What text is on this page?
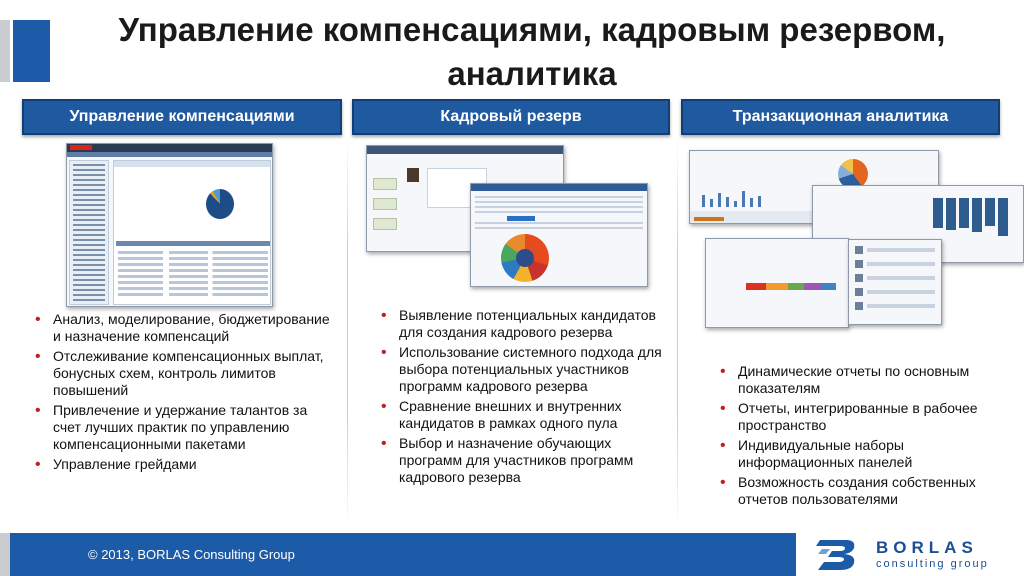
Управление компенсациями, кадровым резервом, аналитика
Управление компенсациями	Кадровый резерв	Транзакционная аналитика
• Анализ, моделирование, бюджетирование и назначение компенсаций
• Отслеживание компенсационных выплат, бонусных схем, контроль лимитов повышений
• Привлечение и удержание талантов за счет лучших практик по управлению компенсационными пакетами
• Управление грейдами
• Выявление потенциальных кандидатов для создания кадрового резерва
• Использование системного подхода для выбора потенциальных участников программ кадрового резерва
• Сравнение внешних и внутренних кандидатов в рамках одного пула
• Выбор и назначение обучающих программ для участников программ кадрового резерва
• Динамические отчеты по основным показателям
• Отчеты, интегрированные в рабочее пространство
• Индивидуальные наборы информационных панелей
• Возможность создания собственных отчетов пользователями
© 2013, BORLAS Consulting Group	BORLAS
consulting group
